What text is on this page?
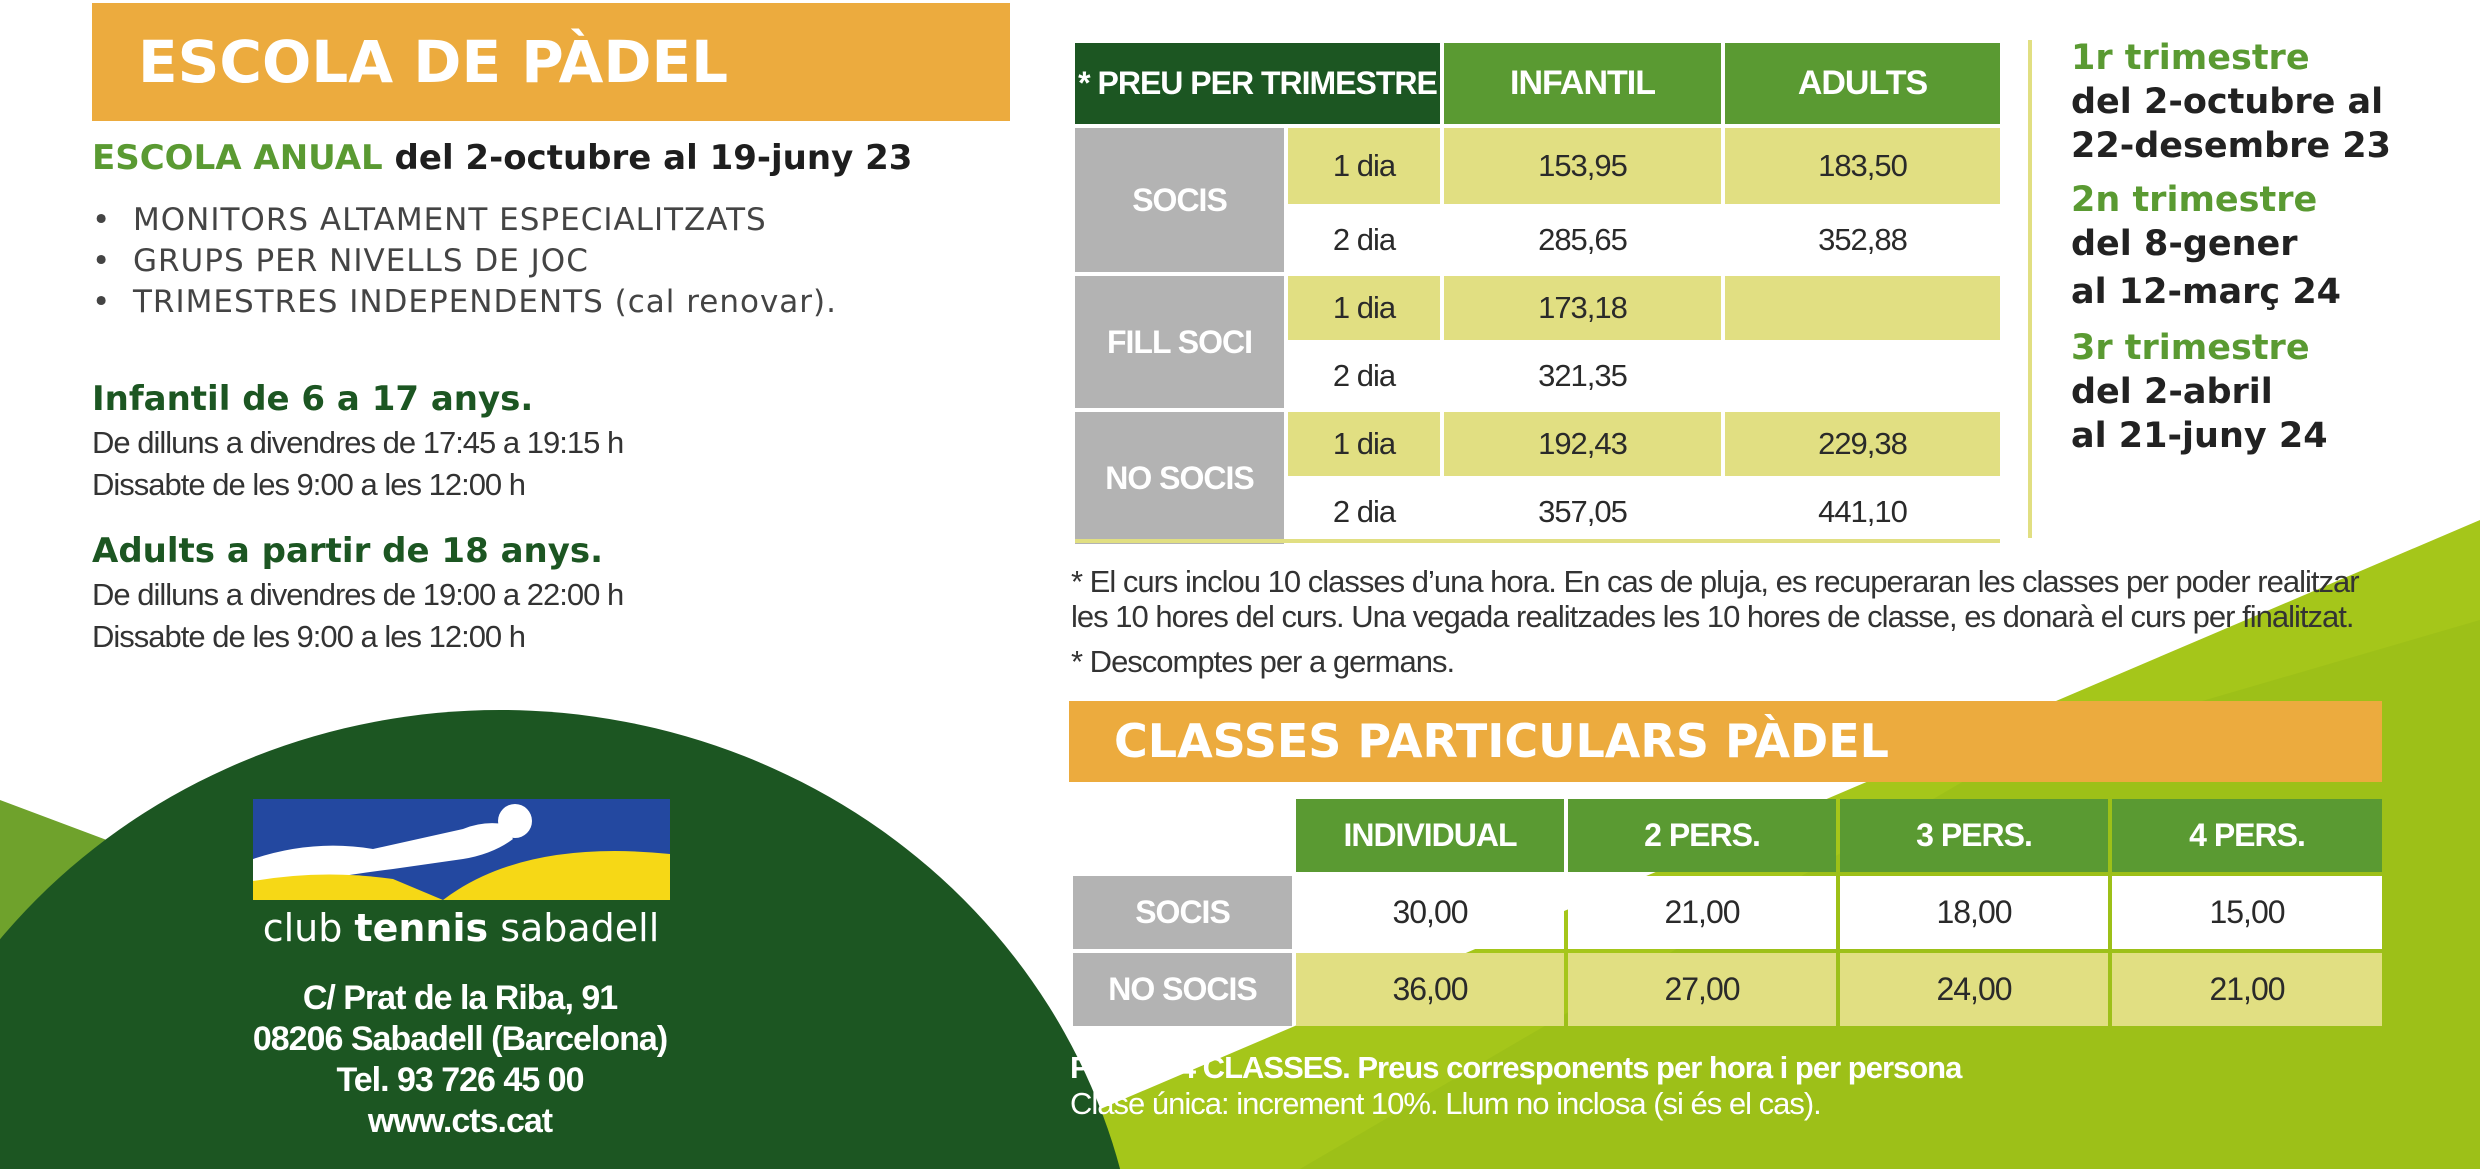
ESCOLA DE PÀDEL
ESCOLA ANUAL del 2-octubre al 19-juny 23
•  MONITORS ALTAMENT ESPECIALITZATS
•  GRUPS PER NIVELLS DE JOC
•  TRIMESTRES INDEPENDENTS (cal renovar).
Infantil de 6 a 17 anys.
De dilluns a divendres de 17:45 a 19:15 h
Dissabte de les 9:00 a les 12:00 h
Adults a partir de 18 anys.
De dilluns a divendres de 19:00 a 22:00 h
Dissabte de les 9:00 a les 12:00 h
club tennis sabadell
C/ Prat de la Riba, 91
08206 Sabadell (Barcelona)
Tel. 93 726 45 00
www.cts.cat
* PREU PER TRIMESTRE		INFANTIL	ADULTS
SOCIS	1 dia	153,95	183,50
	2 dia	285,65	352,88
FILL SOCI	1 dia	173,18	
	2 dia	321,35	
NO SOCIS	1 dia	192,43	229,38
	2 dia	357,05	441,10
1r trimestre
del 2-octubre al
22-desembre 23
2n trimestre
del 8-gener
al 12-març 24
3r trimestre
del 2-abril
al 21-juny 24
* El curs inclou 10 classes d’una hora. En cas de pluja, es recuperaran les classes per poder realitzar
les 10 hores del curs. Una vegada realitzades les 10 hores de classe, es donarà el curs per finalitzat.
* Descomptes per a germans.
CLASSES PARTICULARS PÀDEL
	INDIVIDUAL	2 PERS.	3 PERS.	4 PERS.
SOCIS	30,00	21,00	18,00	15,00
NO SOCIS	36,00	27,00	24,00	21,00
PACKS 4 CLASSES. Preus corresponents per hora i per persona
Clase única: increment 10%. Llum no inclosa (si és el cas).
